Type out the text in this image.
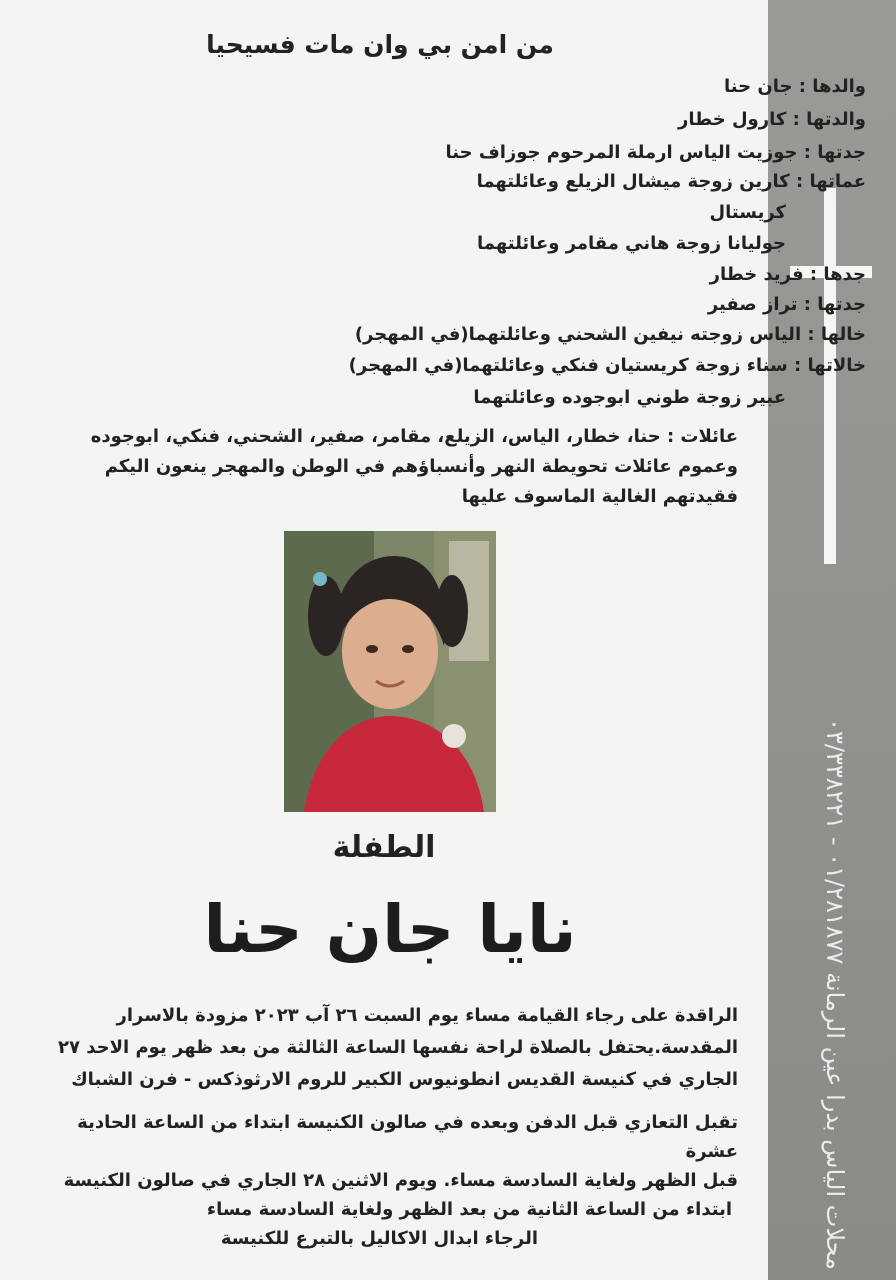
محلات الياس بدرا عين الرمانة ٠١/٢٨١٨٧٧ - ٠٣/٣٣٨٢٢١
من امن بي وان مات فسيحيا
والدها : جان حنا
والدتها : كارول خطار
جدتها : جوزيت الياس ارملة المرحوم جوزاف حنا
عماتها : كارين زوجة ميشال الزيلع وعائلتهما
كريستال
جوليانا زوجة هاني مقامر وعائلتهما
جدها : فريد خطار
جدتها : تراز صفير
خالها : الياس زوجته نيفين الشحني وعائلتهما(في المهجر)
خالاتها : سناء زوجة كريستيان فنكي وعائلتهما(في المهجر)
عبير زوجة طوني ابوجوده وعائلتهما
عائلات : حنا، خطار، الياس، الزيلع، مقامر، صفير، الشحني، فنكي، ابوجوده وعموم عائلات تحويطة النهر وأنسباؤهم في الوطن والمهجر ينعون اليكم فقيدتهم الغالية الماسوف عليها
الطفلة
نايا جان حنا
الراقدة على رجاء القيامة مساء يوم السبت ٢٦ آب ٢٠٢٣ مزودة بالاسرار المقدسة.يحتفل بالصلاة لراحة نفسها الساعة الثالثة من بعد ظهر يوم الاحد ٢٧ الجاري في كنيسة القديس انطونيوس الكبير للروم الارثوذكس - فرن الشباك
تقبل التعازي قبل الدفن وبعده في صالون الكنيسة ابتداء من الساعة الحادية عشرة
قبل الظهر ولغاية السادسة مساء. ويوم الاثنين ٢٨ الجاري في صالون الكنيسة
ابتداء من الساعة الثانية من بعد الظهر ولغاية السادسة مساء
الرجاء ابدال الاكاليل بالتبرع للكنيسة
